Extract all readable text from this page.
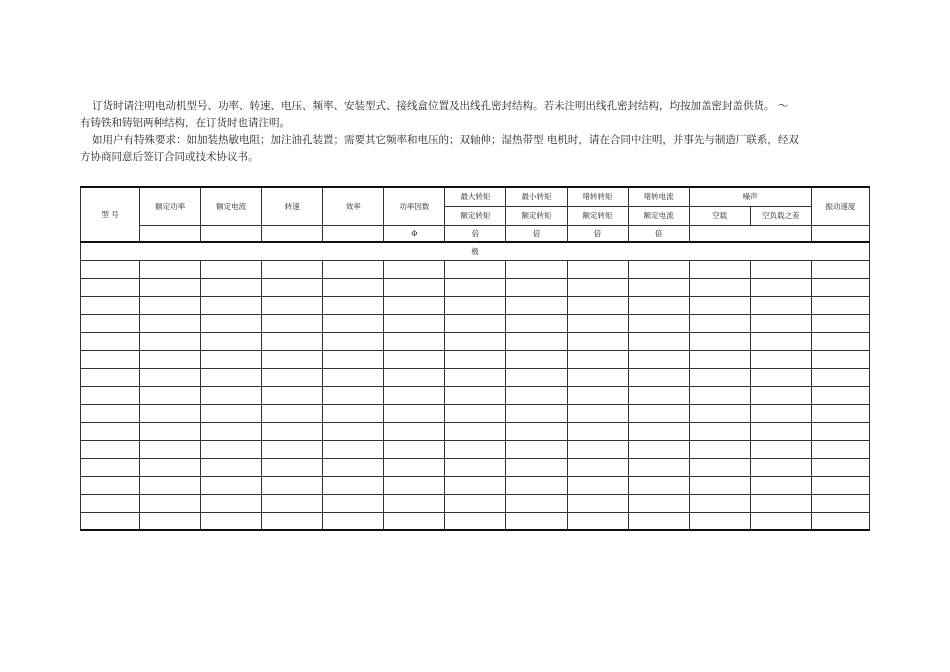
订货时请注明电动机型号、功率、转速、电压、频率、安装型式、接线盒位置及出线孔密封结构。若未注明出线孔密封结构，均按加盖密封盖供货。 ～

有铸铁和铸铝两种结构，在订货时也请注明。

如用户有特殊要求：如加装热敏电阻；加注油孔装置；需要其它频率和电压的；双轴伸；湿热带型 电机时，请在合同中注明，并事先与制造厂联系，经双

方协商同意后签订合同或技术协议书。

型 号	额定功率	额定电流	转速	效率	功率因数	最大转矩	最小转矩	堵转转矩	堵转电流	噪声		振动速度
						额定转矩	额定转矩	额定转矩	额定电流	空载	空负载之差	
					Φ	倍	倍	倍	倍			
极												
